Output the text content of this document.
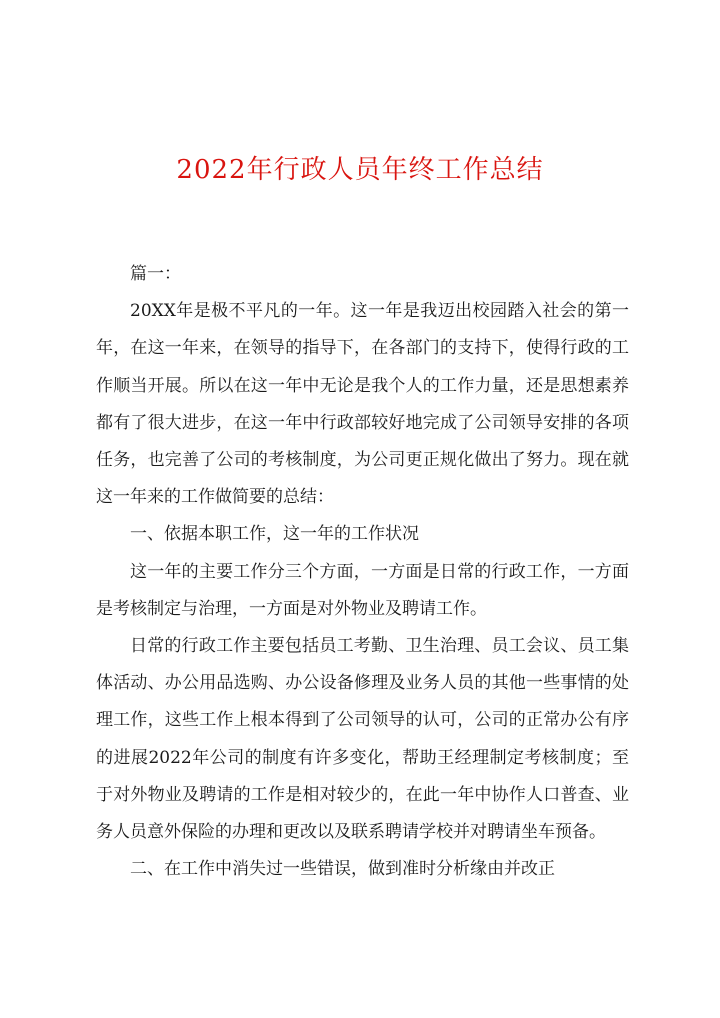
2022年行政人员年终工作总结

篇一：

20XX年是极不平凡的一年。这一年是我迈出校园踏入社会的第一年，在这一年来，在领导的指导下，在各部门的支持下，使得行政的工作顺当开展。所以在这一年中无论是我个人的工作力量，还是思想素养都有了很大进步，在这一年中行政部较好地完成了公司领导安排的各项任务，也完善了公司的考核制度，为公司更正规化做出了努力。现在就这一年来的工作做简要的总结：

一、依据本职工作，这一年的工作状况

这一年的主要工作分三个方面，一方面是日常的行政工作，一方面是考核制定与治理，一方面是对外物业及聘请工作。

日常的行政工作主要包括员工考勤、卫生治理、员工会议、员工集体活动、办公用品选购、办公设备修理及业务人员的其他一些事情的处理工作，这些工作上根本得到了公司领导的认可，公司的正常办公有序的进展2022年公司的制度有许多变化，帮助王经理制定考核制度；至于对外物业及聘请的工作是相对较少的，在此一年中协作人口普查、业务人员意外保险的办理和更改以及联系聘请学校并对聘请坐车预备。

二、在工作中消失过一些错误，做到准时分析缘由并改正
